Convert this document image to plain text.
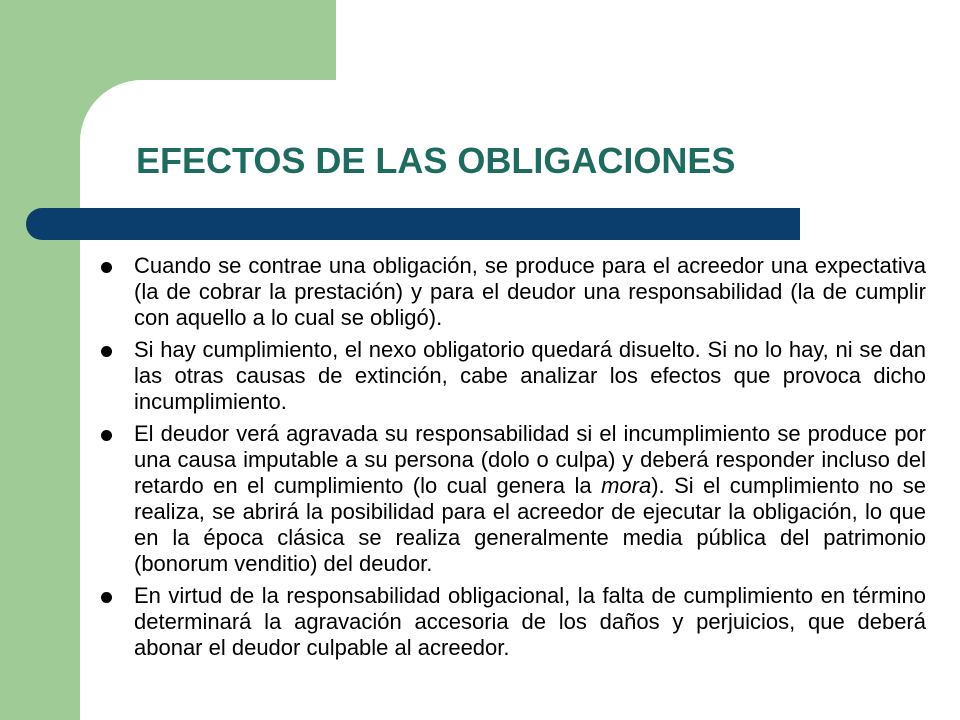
EFECTOS DE LAS OBLIGACIONES
Cuando se contrae una obligación, se produce para el acreedor una expectativa (la de cobrar la prestación) y para el deudor una responsabilidad (la de cumplir con aquello a lo cual se obligó).
Si hay cumplimiento, el nexo obligatorio quedará disuelto. Si no lo hay, ni se dan las otras causas de extinción, cabe analizar los efectos que provoca dicho incumplimiento.
El deudor verá agravada su responsabilidad si el incumplimiento se produce por una causa imputable a su persona (dolo o culpa) y deberá responder incluso del retardo en el cumplimiento (lo cual genera la mora). Si el cumplimiento no se realiza, se abrirá la posibilidad para el acreedor de ejecutar la obligación, lo que en la época clásica se realiza generalmente media pública del patrimonio (bonorum venditio) del deudor.
En virtud de la responsabilidad obligacional, la falta de cumplimiento en término determinará la agravación accesoria de los daños y perjuicios, que deberá abonar el deudor culpable al acreedor.
